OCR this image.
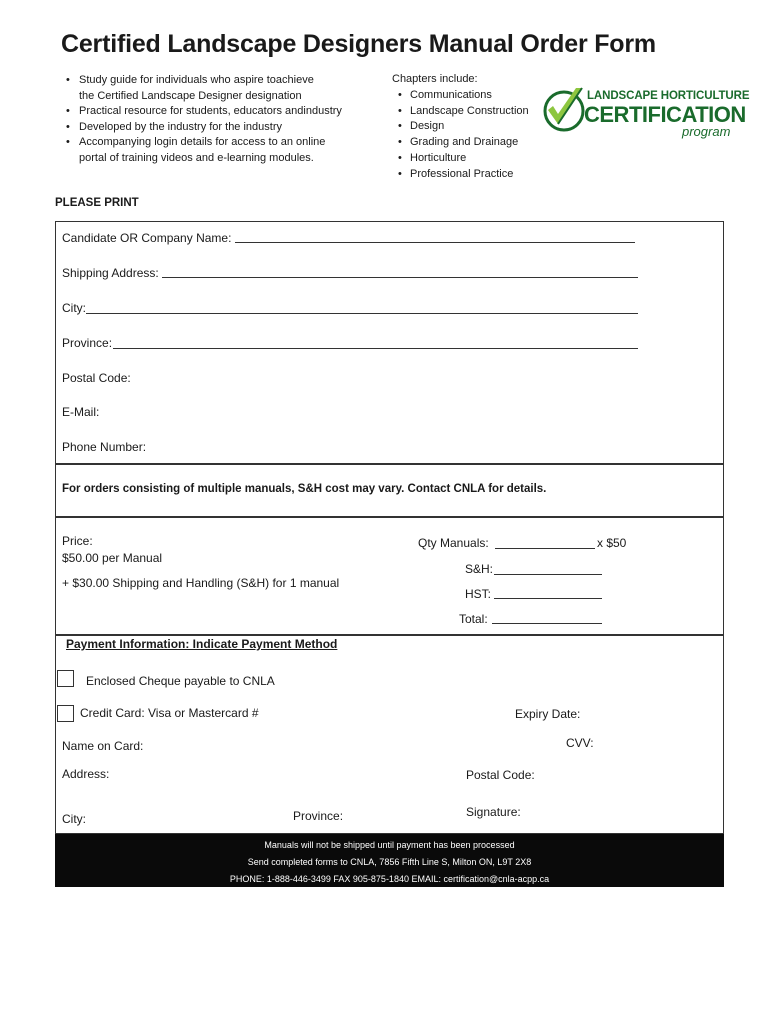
Certified Landscape Designers Manual Order Form
• Study guide for individuals who aspire toachieve
the Certified Landscape Designer designation
• Practical resource for students, educators andindustry
• Developed by the industry for the industry
• Accompanying login details for access to an online
portal of training videos and e-learning modules.
Chapters include:
• Communications
• Landscape Construction
• Design
• Grading and Drainage
• Horticulture
• Professional Practice
LANDSCAPE HORTICULTURE
CERTIFICATION
program
PLEASE PRINT
Candidate OR Company Name:
Shipping Address:
City:
Province:
Postal Code:
E-Mail:
Phone Number:
For orders consisting of multiple manuals, S&H cost may vary. Contact CNLA for details.
Price:
$50.00 per Manual
+ $30.00 Shipping and Handling (S&H) for 1 manual
Qty Manuals:	x $50
S&H:
HST:
Total:
Payment Information: Indicate Payment Method
Enclosed Cheque payable to CNLA
Credit Card: Visa or Mastercard #	Expiry Date:
CVV:
Name on Card:
Address:	Postal Code:
Signature:
Province:
City:
Manuals will not be shipped until payment has been processed
Send completed forms to CNLA, 7856 Fifth Line S, Milton ON, L9T 2X8
PHONE: 1-888-446-3499 FAX 905-875-1840 EMAIL: certification@cnla-acpp.ca
